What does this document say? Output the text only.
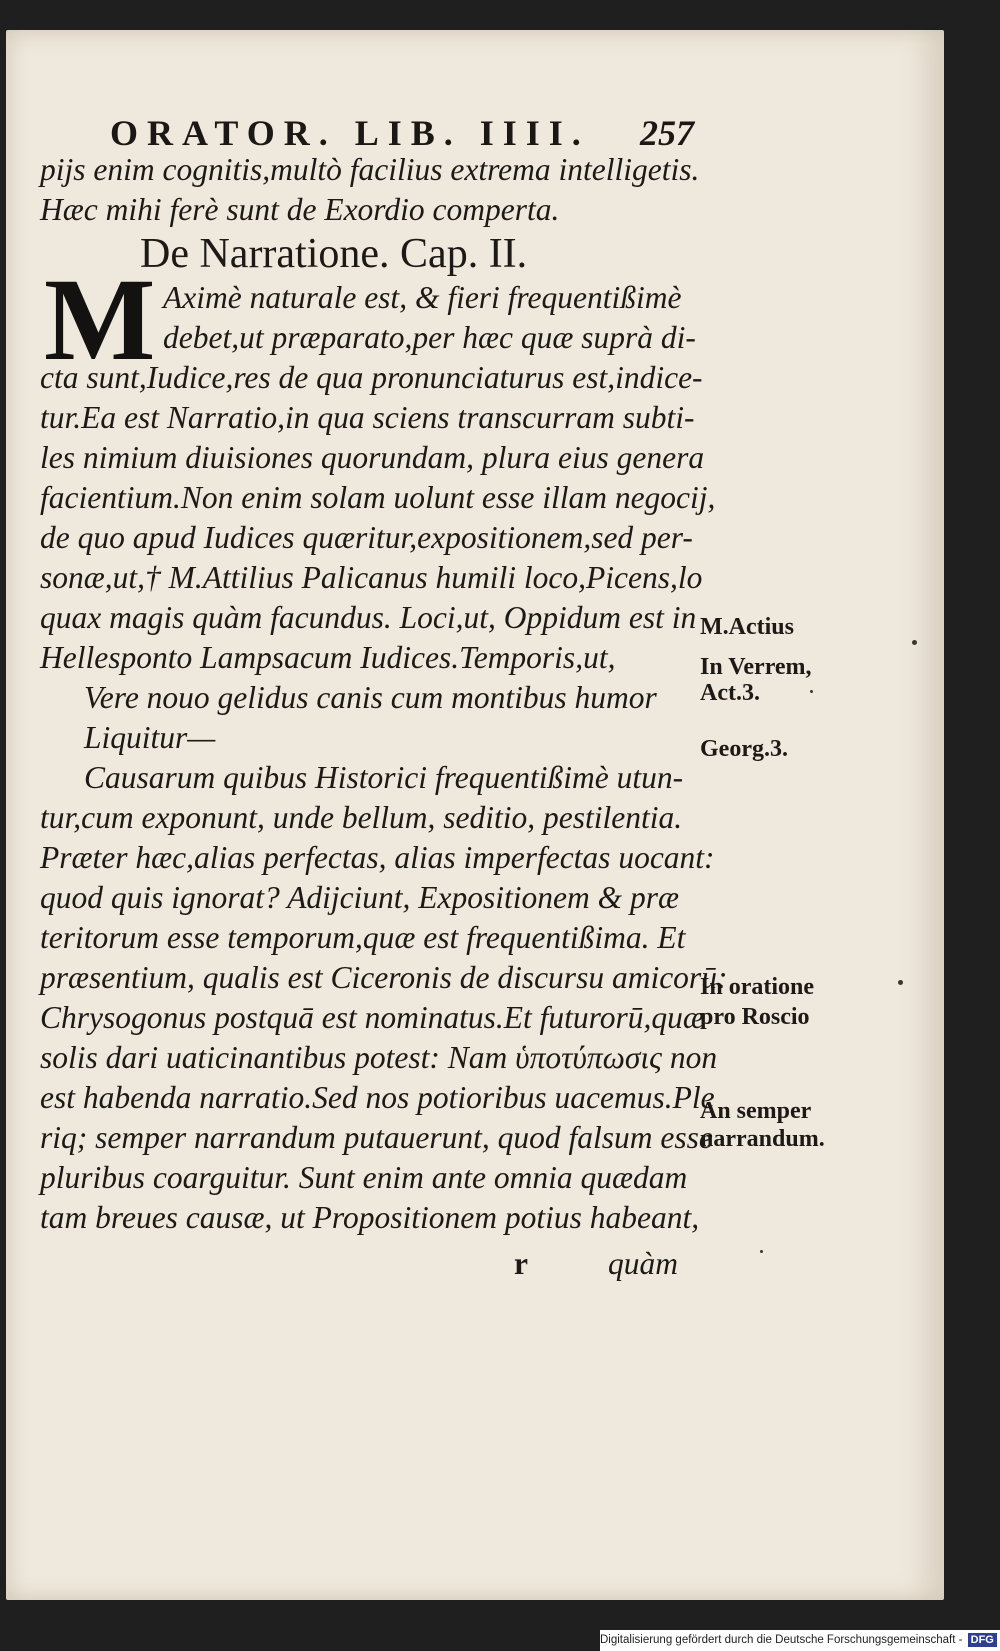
ORATOR. LIB. IIII. 257
pijs enim cognitis,multò facilius extrema intelligetis.
Hæc mihi ferè sunt de Exordio comperta.
De Narratione. Cap. II.
M Aximè naturale est, & fieri frequentißimè
debet,ut præparato,per hæc quæ suprà di-
cta sunt,Iudice,res de qua pronunciaturus est,indice-
tur.Ea est Narratio,in qua sciens transcurram subti-
les nimium diuisiones quorundam, plura eius genera
facientium.Non enim solam uolunt esse illam negocij,
de quo apud Iudices quæritur,expositionem,sed per-
sonæ,ut,† M.Attilius Palicanus humili loco,Picens,lo
quax magis quàm facundus. Loci,ut, Oppidum est in
Hellesponto Lampsacum Iudices.Temporis,ut,
Vere nouo gelidus canis cum montibus humor
Liquitur—
Causarum quibus Historici frequentißimè utun-
tur,cum exponunt, unde bellum, seditio, pestilentia.
Præter hæc,alias perfectas, alias imperfectas uocant:
quod quis ignorat? Adijciunt, Expositionem & præ
teritorum esse temporum,quæ est frequentißima. Et
præsentium, qualis est Ciceronis de discursu amicorū:
Chrysogonus postquā est nominatus.Et futurorū,quæ
solis dari uaticinantibus potest: Nam ὑποτύπωσις non
est habenda narratio.Sed nos potioribus uacemus.Ple
riq; semper narrandum putauerunt, quod falsum esse
pluribus coarguitur. Sunt enim ante omnia quædam
tam breues causæ, ut Propositionem potius habeant,
r	quàm
M.Actius
In Verrem,
Act.3.
Georg.3.
In oratione
pro Roscio
An semper
narrandum.
Digitalisierung gefördert durch die Deutsche Forschungsgemeinschaft - DFG
